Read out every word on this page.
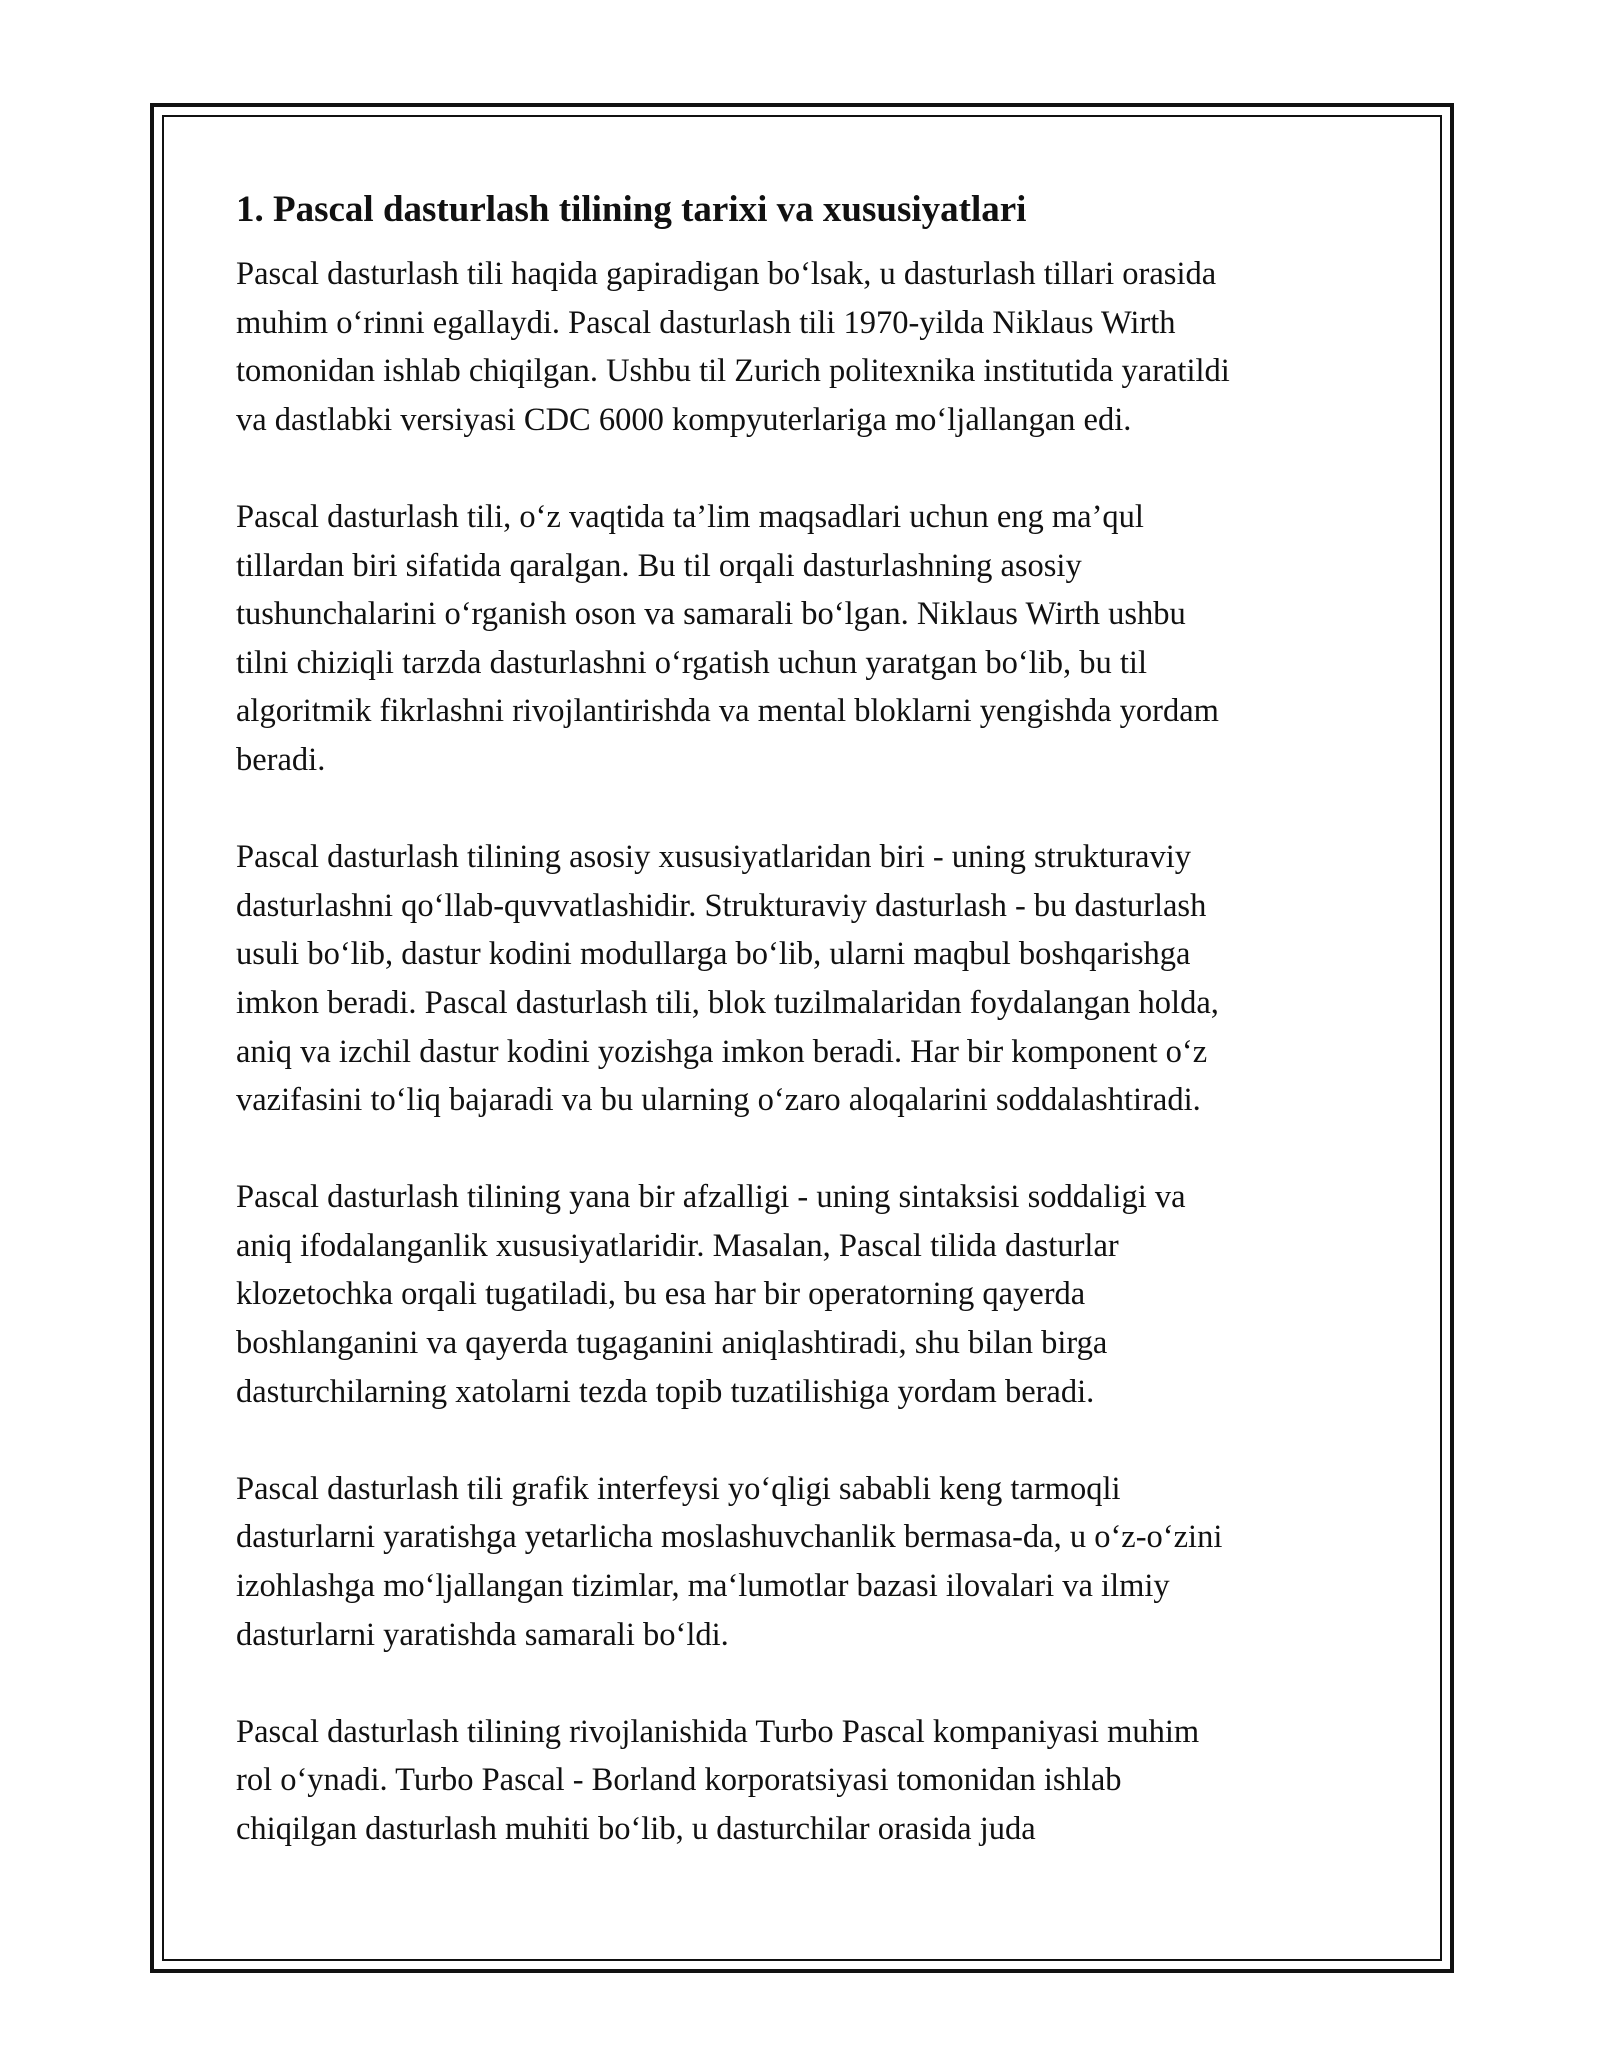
1. Pascal dasturlash tilining tarixi va xususiyatlari
Pascal dasturlash tili haqida gapiradigan bo‘lsak, u dasturlash tillari orasida
muhim o‘rinni egallaydi. Pascal dasturlash tili 1970-yilda Niklaus Wirth
tomonidan ishlab chiqilgan. Ushbu til Zurich politexnika institutida yaratildi
va dastlabki versiyasi CDC 6000 kompyuterlariga mo‘ljallangan edi.
Pascal dasturlash tili, o‘z vaqtida ta’lim maqsadlari uchun eng ma’qul
tillardan biri sifatida qaralgan. Bu til orqali dasturlashning asosiy
tushunchalarini o‘rganish oson va samarali bo‘lgan. Niklaus Wirth ushbu
tilni chiziqli tarzda dasturlashni o‘rgatish uchun yaratgan bo‘lib, bu til
algoritmik fikrlashni rivojlantirishda va mental bloklarni yengishda yordam
beradi.
Pascal dasturlash tilining asosiy xususiyatlaridan biri - uning strukturaviy
dasturlashni qo‘llab-quvvatlashidir. Strukturaviy dasturlash - bu dasturlash
usuli bo‘lib, dastur kodini modullarga bo‘lib, ularni maqbul boshqarishga
imkon beradi. Pascal dasturlash tili, blok tuzilmalaridan foydalangan holda,
aniq va izchil dastur kodini yozishga imkon beradi. Har bir komponent o‘z
vazifasini to‘liq bajaradi va bu ularning o‘zaro aloqalarini soddalashtiradi.
Pascal dasturlash tilining yana bir afzalligi - uning sintaksisi soddaligi va
aniq ifodalanganlik xususiyatlaridir. Masalan, Pascal tilida dasturlar
klozetochka orqali tugatiladi, bu esa har bir operatorning qayerda
boshlanganini va qayerda tugaganini aniqlashtiradi, shu bilan birga
dasturchilarning xatolarni tezda topib tuzatilishiga yordam beradi.
Pascal dasturlash tili grafik interfeysi yo‘qligi sababli keng tarmoqli
dasturlarni yaratishga yetarlicha moslashuvchanlik bermasa-da, u o‘z-o‘zini
izohlashga mo‘ljallangan tizimlar, ma‘lumotlar bazasi ilovalari va ilmiy
dasturlarni yaratishda samarali bo‘ldi.
Pascal dasturlash tilining rivojlanishida Turbo Pascal kompaniyasi muhim
rol o‘ynadi. Turbo Pascal - Borland korporatsiyasi tomonidan ishlab
chiqilgan dasturlash muhiti bo‘lib, u dasturchilar orasida juda
